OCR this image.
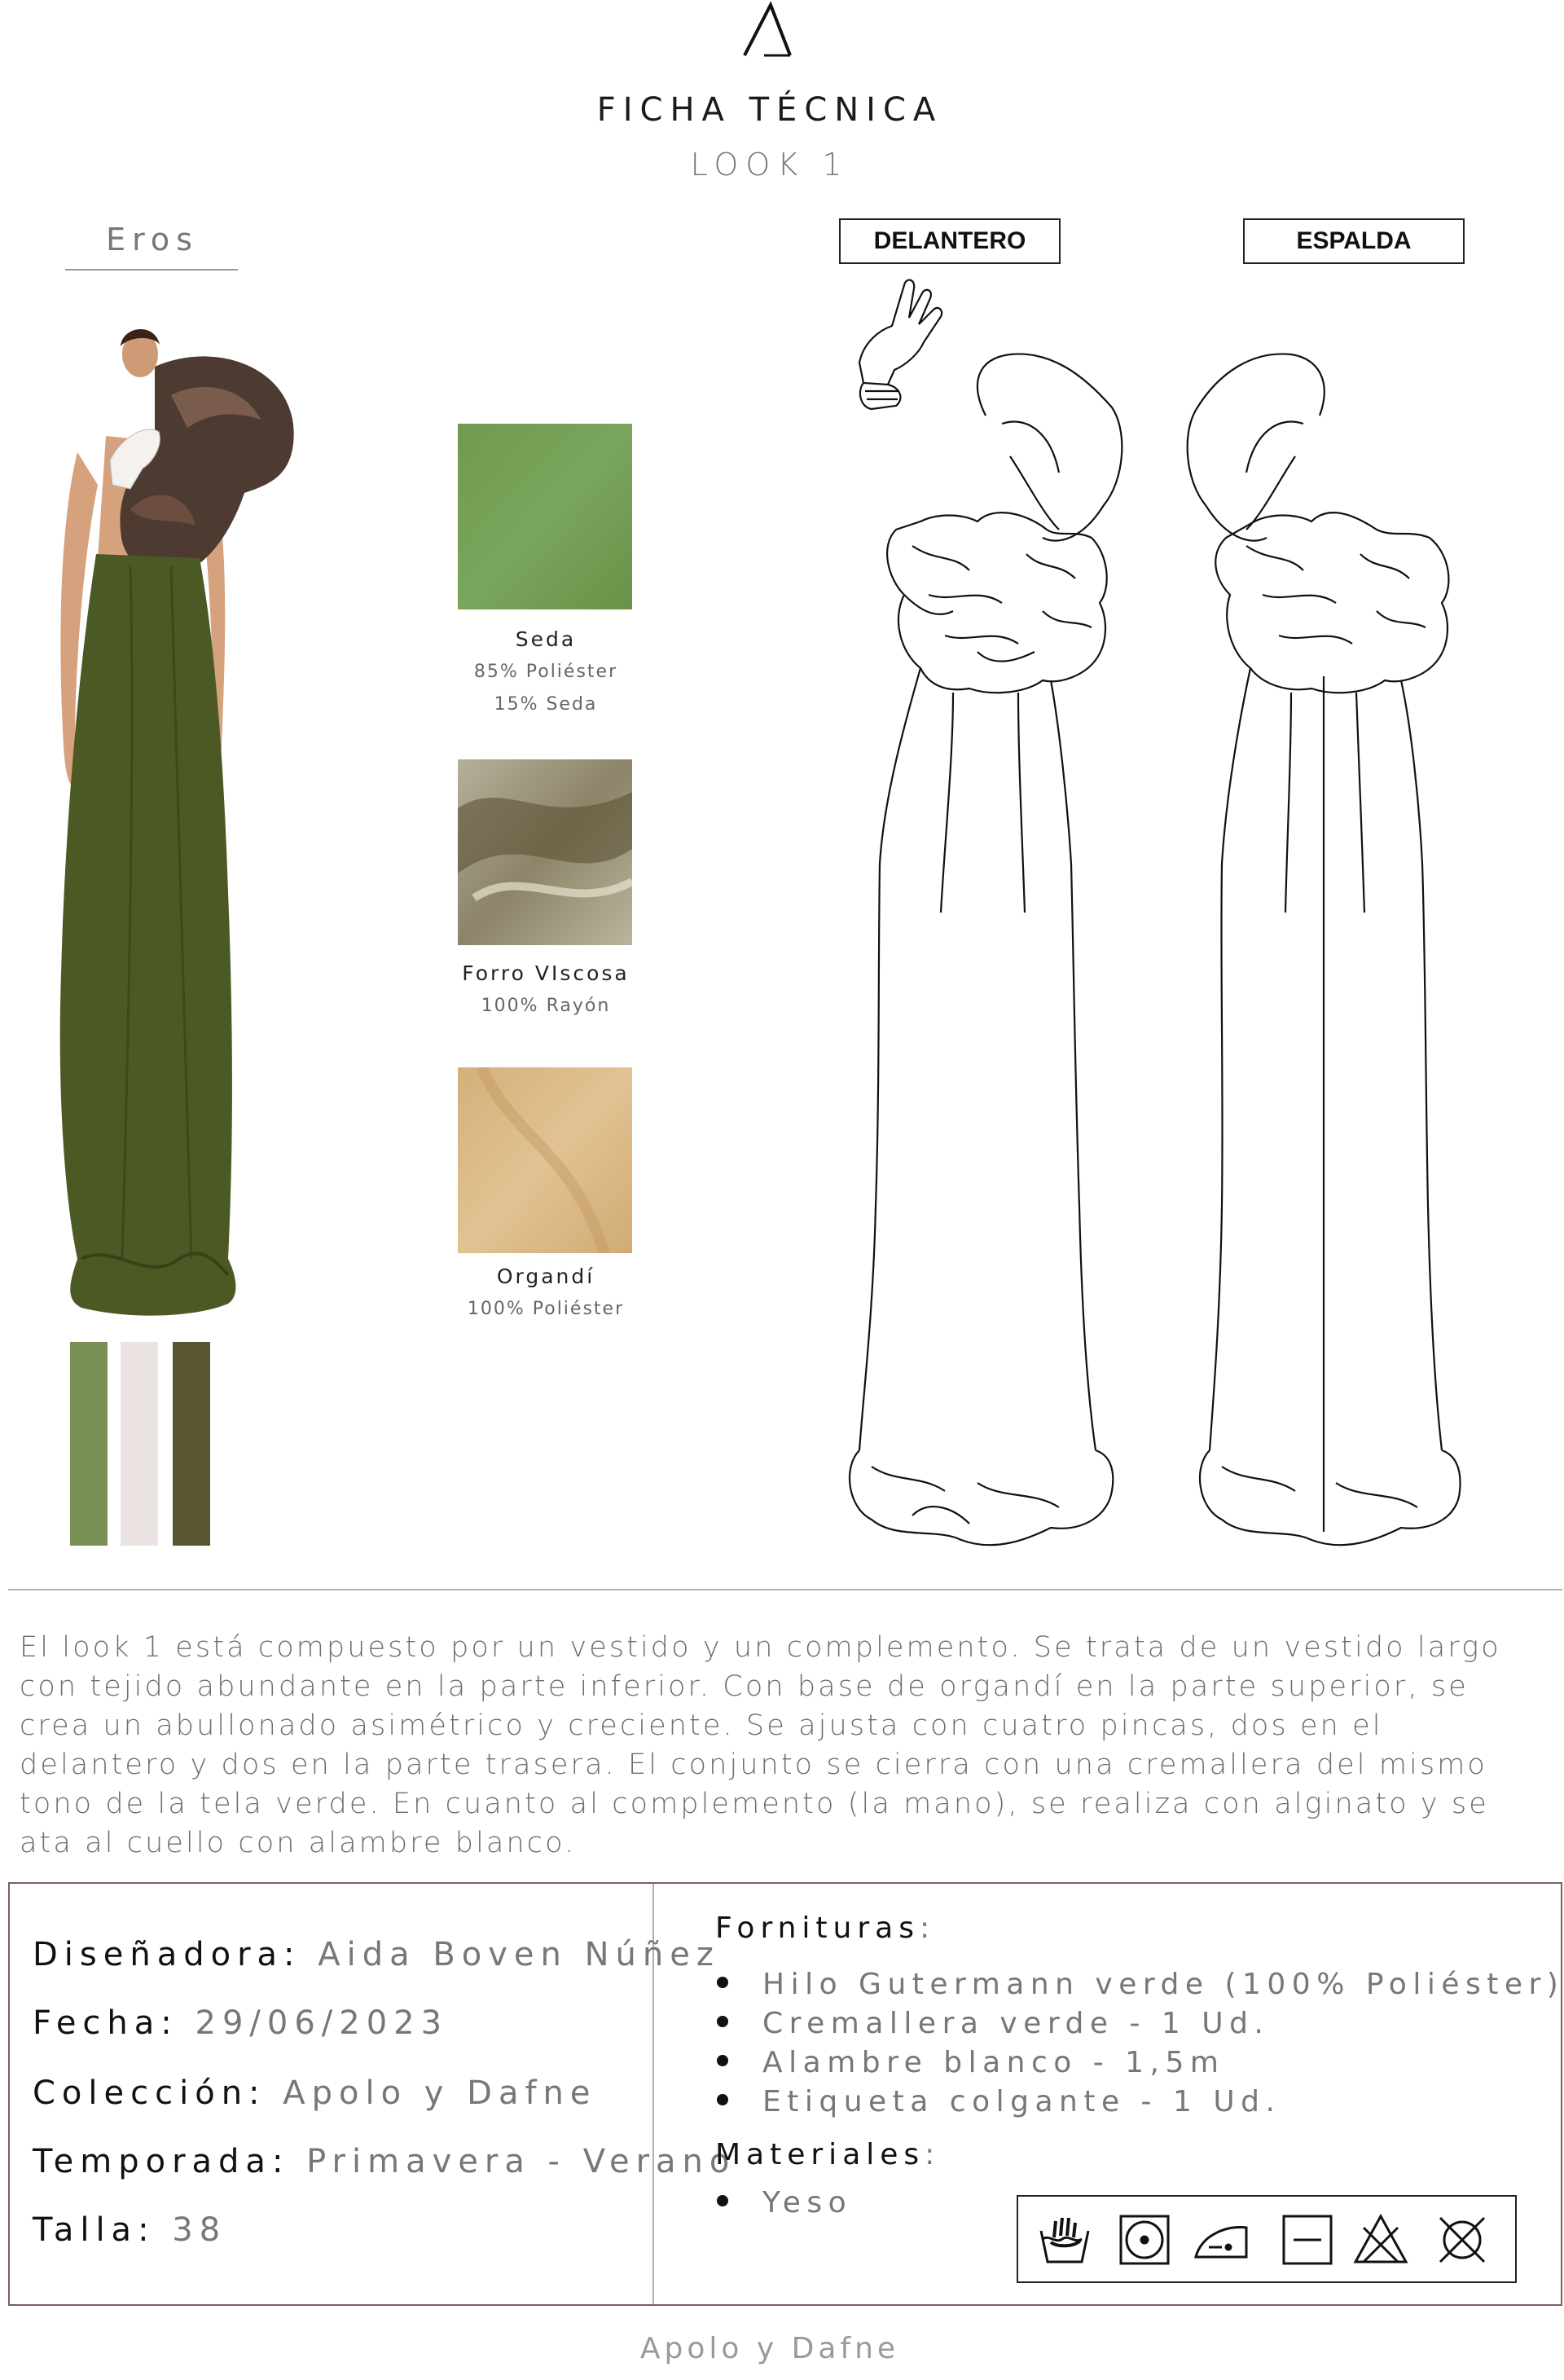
FICHA TÉCNICA
LOOK 1
Eros
Seda
85% Poliéster
15% Seda
Forro VIscosa
100% Rayón
Organdí
100% Poliéster
DELANTERO	ESPALDA
El look 1 está compuesto por un vestido y un complemento. Se trata de un vestido largo con tejido abundante en la parte inferior. Con base de organdí en la parte superior, se crea un abullonado asimétrico y creciente. Se ajusta con cuatro pincas, dos en el delantero y dos en la parte trasera. El conjunto se cierra con una cremallera del mismo tono de la tela verde. En cuanto al complemento (la mano), se realiza con alginato y se ata al cuello con alambre blanco.
Diseñadora: Aida Boven Núñez
Fecha: 29/06/2023
Colección: Apolo y Dafne
Temporada: Primavera - Verano
Talla: 38
Fornituras:
Hilo Gutermann verde (100% Poliéster)
Cremallera verde - 1 Ud.
Alambre blanco - 1,5m
Etiqueta colgante - 1 Ud.
Materiales:
Yeso
Apolo y Dafne
